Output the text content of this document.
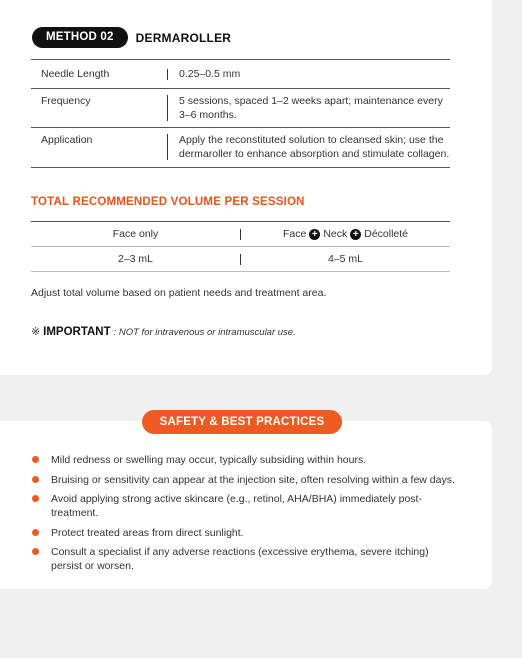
METHOD 02	DERMAROLLER
Needle Length	0.25–0.5 mm
Frequency	5 sessions, spaced 1–2 weeks apart; maintenance every 3–6 months.
Application	Apply the reconstituted solution to cleansed skin; use the dermaroller to enhance absorption and stimulate collagen.
TOTAL RECOMMENDED VOLUME PER SESSION
Face only	Face + Neck + Décolleté
2–3 mL	4–5 mL
Adjust total volume based on patient needs and treatment area.
※ IMPORTANT : NOT for intravenous or intramuscular use.
SAFETY & BEST PRACTICES
Mild redness or swelling may occur, typically subsiding within hours.
Bruising or sensitivity can appear at the injection site, often resolving within a few days.
Avoid applying strong active skincare (e.g., retinol, AHA/BHA) immediately post-treatment.
Protect treated areas from direct sunlight.
Consult a specialist if any adverse reactions (excessive erythema, severe itching) persist or worsen.
